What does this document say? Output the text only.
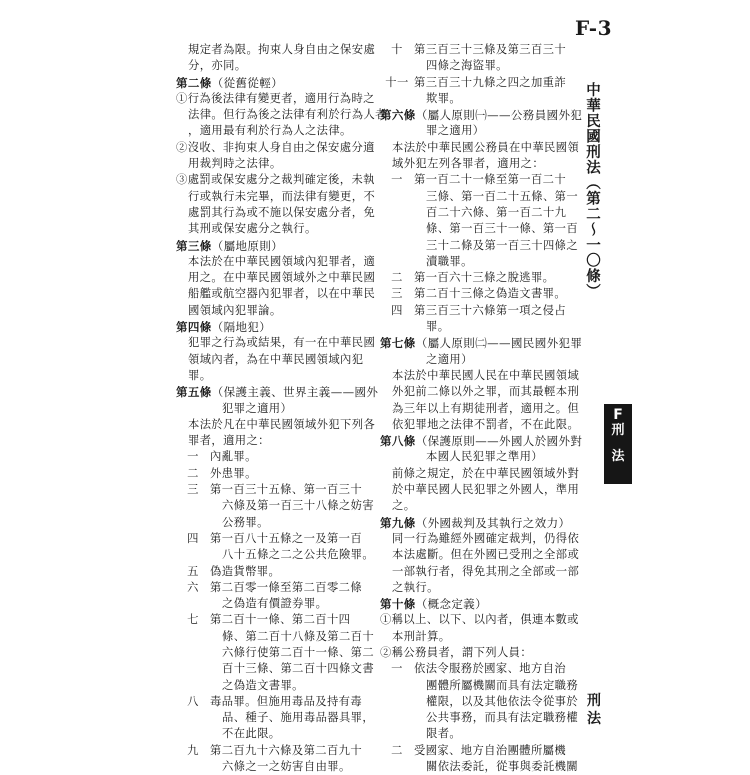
F-3
規定者為限。拘束人身自由之保安處
分，亦同。
第二條（從舊從輕）
①行為後法律有變更者，適用行為時之
法律。但行為後之法律有利於行為人者
，適用最有利於行為人之法律。
②沒收、非拘束人身自由之保安處分適
用裁判時之法律。
③處罰或保安處分之裁判確定後，未執
行或執行未完畢，而法律有變更，不
處罰其行為或不施以保安處分者，免
其刑或保安處分之執行。
第三條（屬地原則）
本法於在中華民國領域內犯罪者，適
用之。在中華民國領域外之中華民國
船艦或航空器內犯罪者，以在中華民
國領域內犯罪論。
第四條（隔地犯）
犯罪之行為或結果，有一在中華民國
領域內者，為在中華民國領域內犯
罪。
第五條（保護主義、世界主義——國外
犯罪之適用）
本法於凡在中華民國領域外犯下列各
罪者，適用之：
一 內亂罪。
二 外患罪。
三 第一百三十五條、第一百三十
六條及第一百三十八條之妨害
公務罪。
四 第一百八十五條之一及第一百
八十五條之二之公共危險罪。
五 偽造貨幣罪。
六 第二百零一條至第二百零二條
之偽造有價證券罪。
七 第二百十一條、第二百十四
條、第二百十八條及第二百十
六條行使第二百十一條、第二
百十三條、第二百十四條文書
之偽造文書罪。
八 毒品罪。但施用毒品及持有毒
品、種子、施用毒品器具罪，
不在此限。
九 第二百九十六條及第二百九十
六條之一之妨害自由罪。
十 第三百三十三條及第三百三十
四條之海盜罪。
十一 第三百三十九條之四之加重詐
欺罪。
第六條（屬人原則㈠——公務員國外犯
罪之適用）
本法於中華民國公務員在中華民國領
域外犯左列各罪者，適用之：
一 第一百二十一條至第一百二十
三條、第一百二十五條、第一
百二十六條、第一百二十九
條、第一百三十一條、第一百
三十二條及第一百三十四條之
瀆職罪。
二 第一百六十三條之脫逃罪。
三 第二百十三條之偽造文書罪。
四 第三百三十六條第一項之侵占
罪。
第七條（屬人原則㈡——國民國外犯罪
之適用）
本法於中華民國人民在中華民國領域
外犯前二條以外之罪，而其最輕本刑
為三年以上有期徒刑者，適用之。但
依犯罪地之法律不罰者，不在此限。
第八條（保護原則——外國人於國外對
本國人民犯罪之準用）
前條之規定，於在中華民國領域外對
於中華民國人民犯罪之外國人，準用
之。
第九條（外國裁判及其執行之效力）
同一行為雖經外國確定裁判，仍得依
本法處斷。但在外國已受刑之全部或
一部執行者，得免其刑之全部或一部
之執行。
第十條（概念定義）
①稱以上、以下、以內者，俱連本數或
本刑計算。
②稱公務員者，謂下列人員：
一 依法令服務於國家、地方自治
團體所屬機關而具有法定職務
權限，以及其他依法令從事於
公共事務，而具有法定職務權
限者。
二 受國家、地方自治團體所屬機
關依法委託，從事與委託機關
中華民國刑法（第二～一〇條）
F
刑
法
刑
法
